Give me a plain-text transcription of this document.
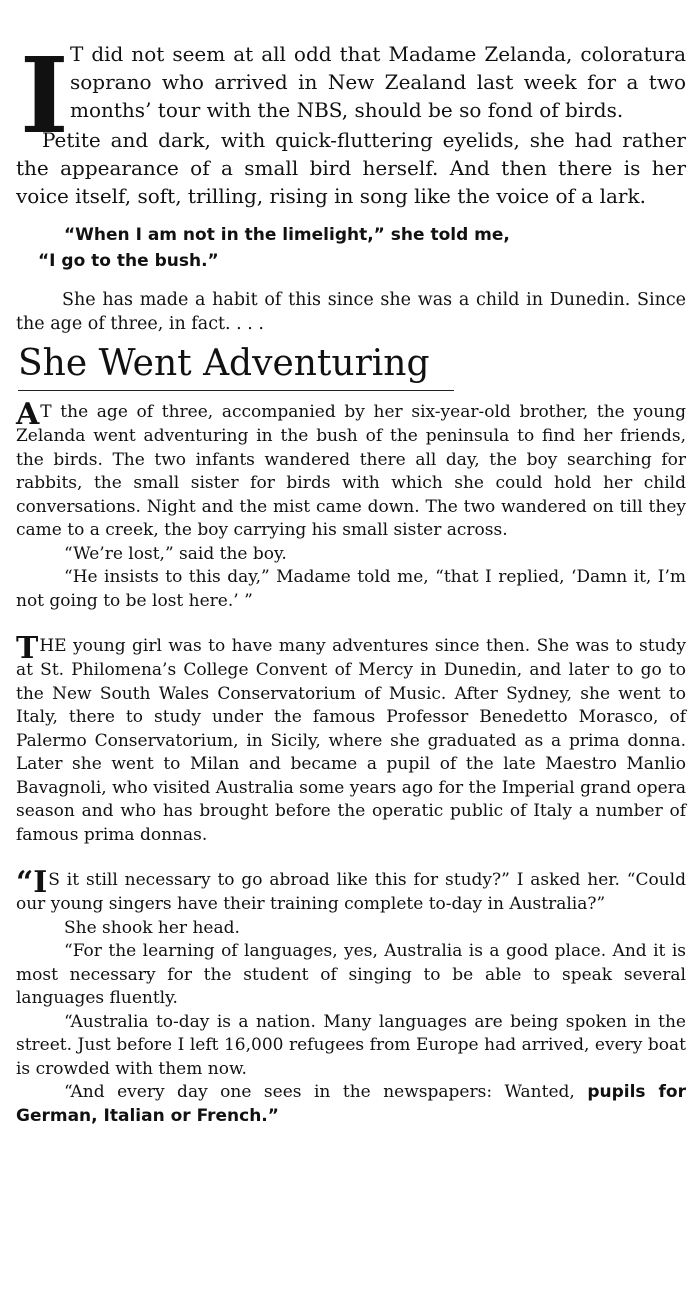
I T did not seem at all odd that Madame Zelanda, coloratura soprano who arrived in New Zealand last week for a two months’ tour with the NBS, should be so fond of birds.

Petite and dark, with quick-fluttering eyelids, she had rather the appearance of a small bird herself. And then there is her voice itself, soft, trilling, rising in song like the voice of a lark.

“When I am not in the limelight,” she told me,
“I go to the bush.”

She has made a habit of this since she was a child in Dunedin. Since the age of three, in fact. . . .

She Went Adventuring

AT the age of three, accompanied by her six-year-old brother, the young Zelanda went adventuring in the bush of the peninsula to find her friends, the birds. The two infants wandered there all day, the boy searching for rabbits, the small sister for birds with which she could hold her child conversations. Night and the mist came down. The two wandered on till they came to a creek, the boy carrying his small sister across.

“We’re lost,” said the boy.

“He insists to this day,” Madame told me, “that I replied, ‘Damn it, I’m not going to be lost here.’ ”

THE young girl was to have many adventures since then. She was to study at St. Philomena’s College Convent of Mercy in Dunedin, and later to go to the New South Wales Conservatorium of Music. After Sydney, she went to Italy, there to study under the famous Professor Benedetto Morasco, of Palermo Conservatorium, in Sicily, where she graduated as a prima donna. Later she went to Milan and became a pupil of the late Maestro Manlio Bavagnoli, who visited Australia some years ago for the Imperial grand opera season and who has brought before the operatic public of Italy a number of famous prima donnas.

“IS it still necessary to go abroad like this for study?” I asked her. “Could our young singers have their training complete to-day in Australia?”

She shook her head.

“For the learning of languages, yes, Australia is a good place. And it is most necessary for the student of singing to be able to speak several languages fluently.

“Australia to-day is a nation. Many languages are being spoken in the street. Just before I left 16,000 refugees from Europe had arrived, every boat is crowded with them now.

“And every day one sees in the newspapers: Wanted, pupils for German, Italian or French.”
